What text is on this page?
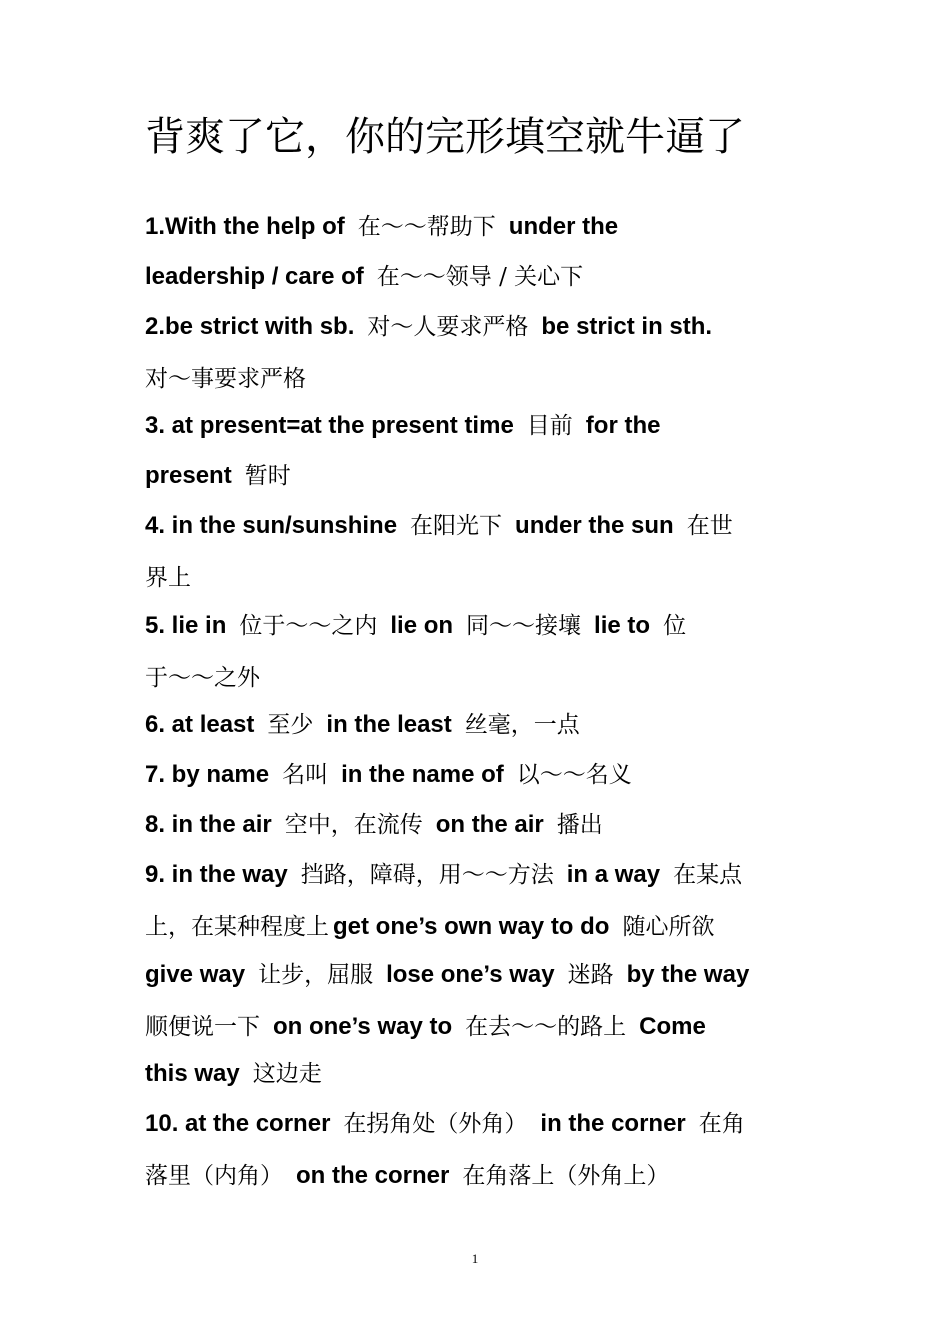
背爽了它，你的完形填空就牛逼了
1.With the help of 在～～帮助下 under the
leadership / care of 在～～领导 / 关心下
2.be strict with sb. 对～人要求严格 be strict in sth.
对～事要求严格
3. at present=at the present time 目前 for the
present 暂时
4. in the sun/sunshine 在阳光下 under the sun 在世
界上
5. lie in 位于～～之内 lie on 同～～接壤 lie to 位
于～～之外
6. at least 至少 in the least 丝毫，一点
7. by name 名叫 in the name of 以～～名义
8. in the air 空中，在流传 on the air 播出
9. in the way 挡路，障碍，用～～方法 in a way 在某点
上，在某种程度上 get one’s own way to do 随心所欲
give way 让步，屈服 lose one’s way 迷路 by the way
顺便说一下 on one’s way to 在去～～的路上 Come
this way 这边走
10. at the corner 在拐角处（外角） in the corner 在角
落里（内角） on the corner 在角落上（外角上）
1
